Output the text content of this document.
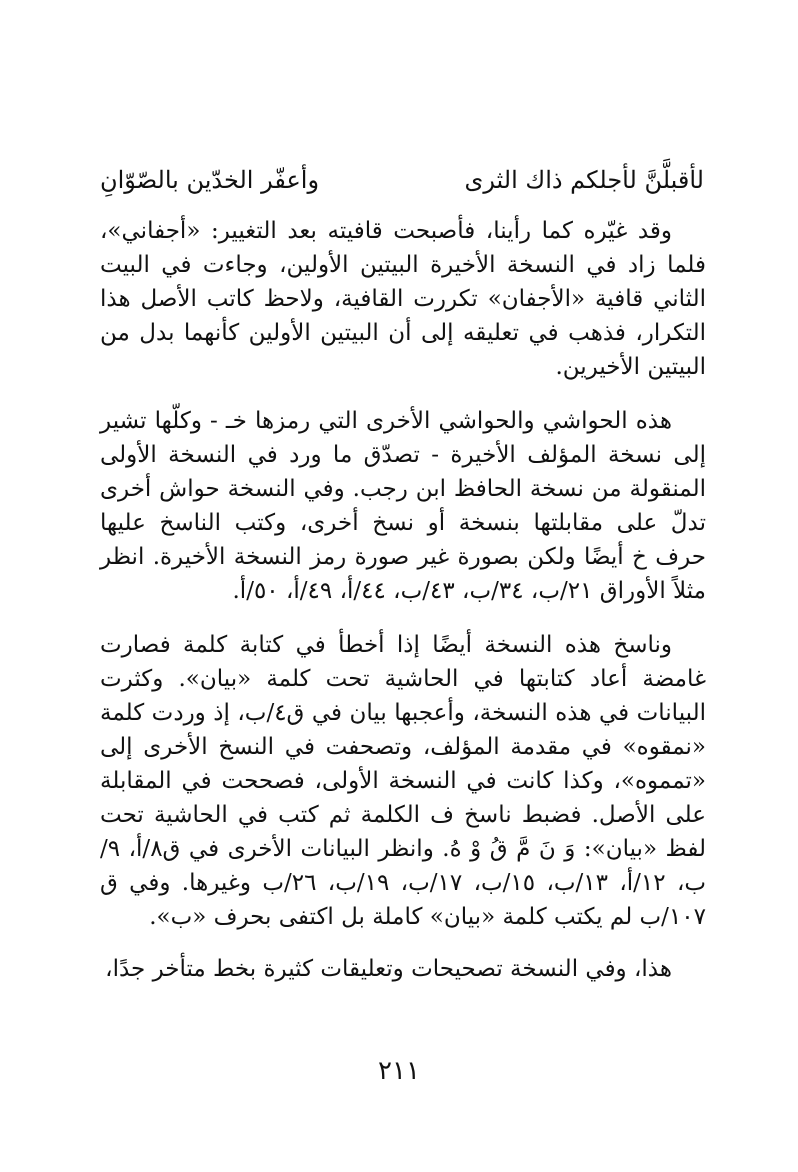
لأقبلَّنَّ لأجلكم ذاك الثرى
وأعفّر الخدّين بالصّوّانِ

وقد غيّره كما رأينا، فأصبحت قافيته بعد التغيير: «أجفاني»، فلما زاد في النسخة الأخيرة البيتين الأولين، وجاءت في البيت الثاني قافية «الأجفان» تكررت القافية، ولاحظ كاتب الأصل هذا التكرار، فذهب في تعليقه إلى أن البيتين الأولين كأنهما بدل من البيتين الأخيرين.

هذه الحواشي والحواشي الأخرى التي رمزها خـ - وكلّها تشير إلى نسخة المؤلف الأخيرة - تصدّق ما ورد في النسخة الأولى المنقولة من نسخة الحافظ ابن رجب. وفي النسخة حواش أخرى تدلّ على مقابلتها بنسخة أو نسخ أخرى، وكتب الناسخ عليها حرف خ أيضًا ولكن بصورة غير صورة رمز النسخة الأخيرة. انظر مثلاً الأوراق ٢١/ب، ٣٤/ب، ٤٣/ب، ٤٤/أ، ٤٩/أ، ٥٠/أ.

وناسخ هذه النسخة أيضًا إذا أخطأ في كتابة كلمة فصارت غامضة أعاد كتابتها في الحاشية تحت كلمة «بيان». وكثرت البيانات في هذه النسخة، وأعجبها بيان في ق٤/ب، إذ وردت كلمة «نمقوه» في مقدمة المؤلف، وتصحفت في النسخ الأخرى إلى «تمموه»، وكذا كانت في النسخة الأولى، فصححت في المقابلة على الأصل. فضبط ناسخ ف الكلمة ثم كتب في الحاشية تحت لفظ «بيان»: وَ نَ مَّ قُ وْ هُ. وانظر البيانات الأخرى في ق٨/أ، ٩/ب، ١٢/أ، ١٣/ب، ١٥/ب، ١٧/ب، ١٩/ب، ٢٦/ب وغيرها. وفي ق ١٠٧/ب لم يكتب كلمة «بيان» كاملة بل اكتفى بحرف «ب».

هذا، وفي النسخة تصحيحات وتعليقات كثيرة بخط متأخر جدًا،

٢١١
